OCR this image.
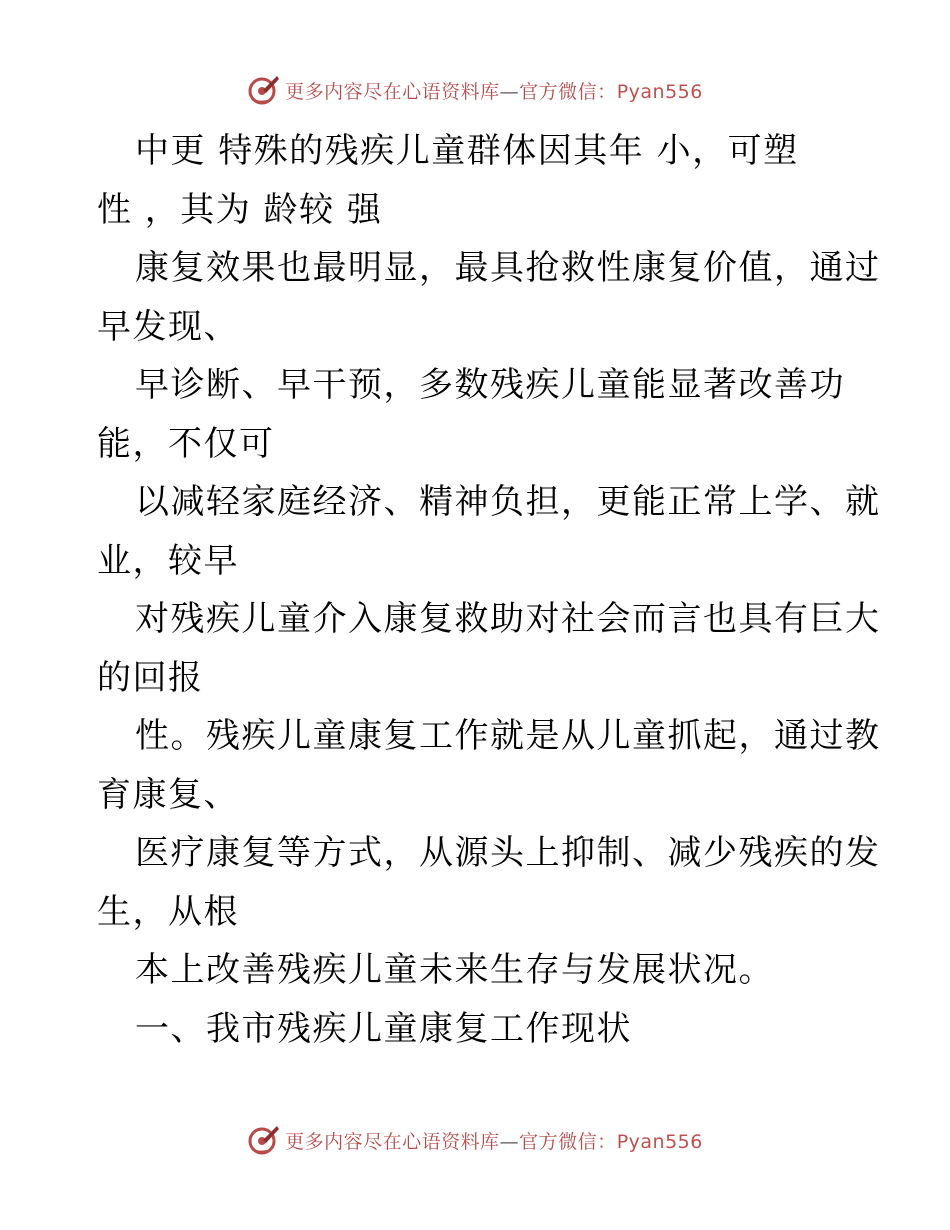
更多内容尽在心语资料库—官方微信：Pyan556
中更 特殊的残疾儿童群体因其年 小，可塑
性 ，其为 龄较 强
康复效果也最明显，最具抢救性康复价值，通过
早发现、
早诊断、早干预，多数残疾儿童能显著改善功
能，不仅可
以减轻家庭经济、精神负担，更能正常上学、就
业，较早
对残疾儿童介入康复救助对社会而言也具有巨大
的回报
性。残疾儿童康复工作就是从儿童抓起，通过教
育康复、
医疗康复等方式，从源头上抑制、减少残疾的发
生，从根
本上改善残疾儿童未来生存与发展状况。
一、我市残疾儿童康复工作现状
更多内容尽在心语资料库—官方微信：Pyan556
